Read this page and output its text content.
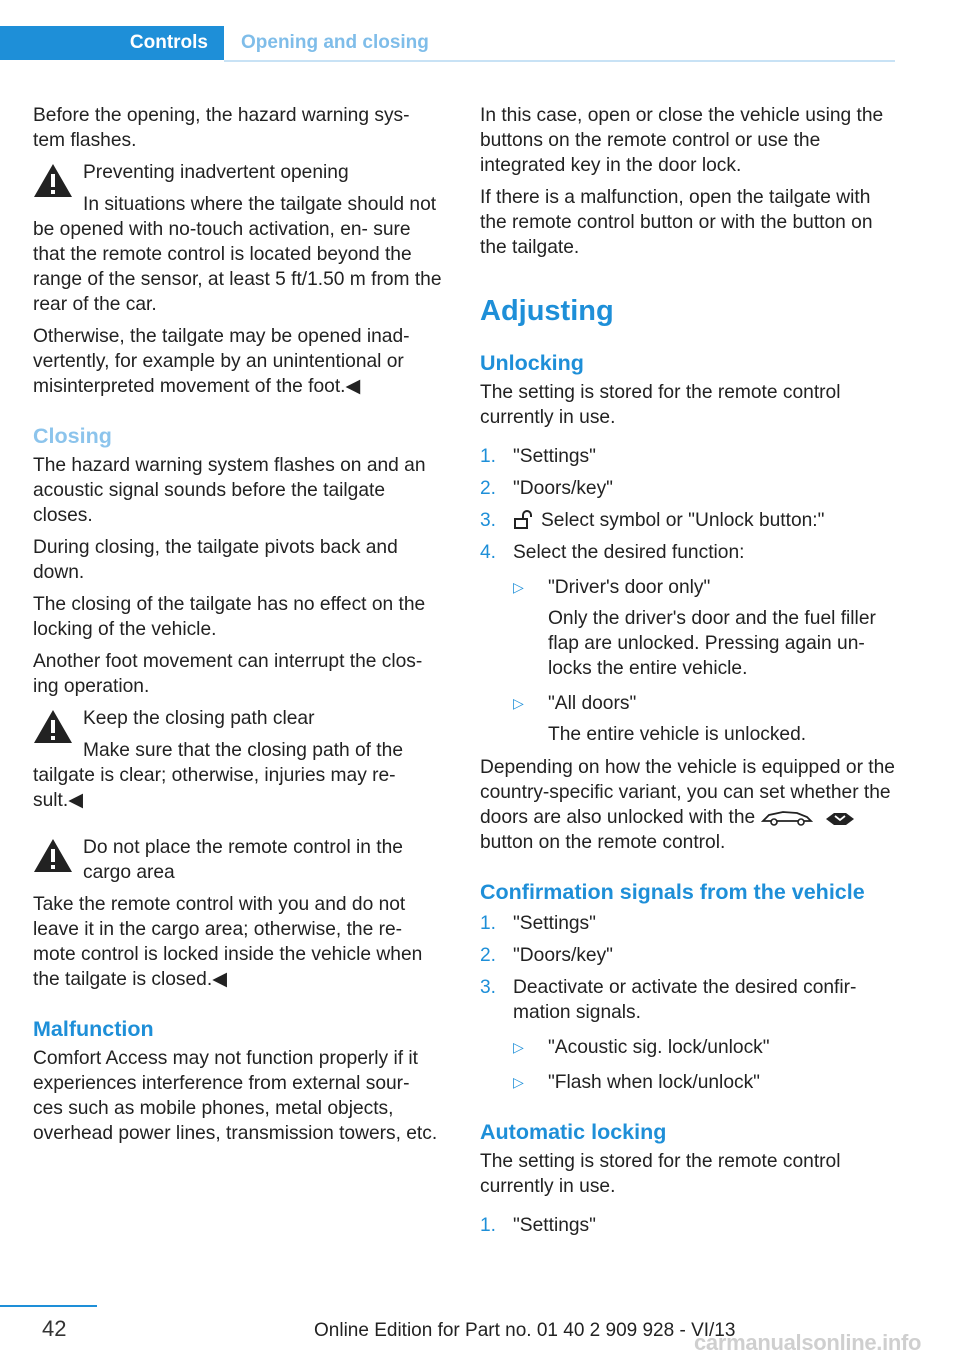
Controls	Opening and closing

Before the opening, the hazard warning sys‐ tem flashes.

Preventing inadvertent opening

In situations where the tailgate should not be opened with no-touch activation, en‐ sure that the remote control is located beyond the range of the sensor, at least 5 ft/1.50 m from the rear of the car.

Otherwise, the tailgate may be opened inad‐ vertently, for example by an unintentional or misinterpreted movement of the foot.◀

Closing

The hazard warning system flashes on and an acoustic signal sounds before the tailgate closes.

During closing, the tailgate pivots back and down.

The closing of the tailgate has no effect on the locking of the vehicle.

Another foot movement can interrupt the clos‐ ing operation.

Keep the closing path clear

Make sure that the closing path of the tailgate is clear; otherwise, injuries may re‐ sult.◀

Do not place the remote control in the cargo area

Take the remote control with you and do not leave it in the cargo area; otherwise, the re‐ mote control is locked inside the vehicle when the tailgate is closed.◀

Malfunction

Comfort Access may not function properly if it experiences interference from external sour‐ ces such as mobile phones, metal objects, overhead power lines, transmission towers, etc.

In this case, open or close the vehicle using the buttons on the remote control or use the integrated key in the door lock.

If there is a malfunction, open the tailgate with the remote control button or with the button on the tailgate.

Adjusting
Unlocking

The setting is stored for the remote control currently in use.

1. "Settings"
2. "Doors/key"
3. Select symbol or "Unlock button:"
4. Select the desired function:
▷ "Driver's door only"

Only the driver's door and the fuel filler flap are unlocked. Pressing again un‐ locks the entire vehicle.

▷ "All doors"

The entire vehicle is unlocked.

Depending on how the vehicle is equipped or the country-specific variant, you can set whether the doors are also unlocked with the   button on the remote control.

Confirmation signals from the vehicle
1. "Settings"
2. "Doors/key"
3. Deactivate or activate the desired confir‐ mation signals.
▷ "Acoustic sig. lock/unlock"
▷ "Flash when lock/unlock"
Automatic locking

The setting is stored for the remote control currently in use.

1. "Settings"
42	Online Edition for Part no. 01 40 2 909 928 - VI/13
carmanualsonline.info
